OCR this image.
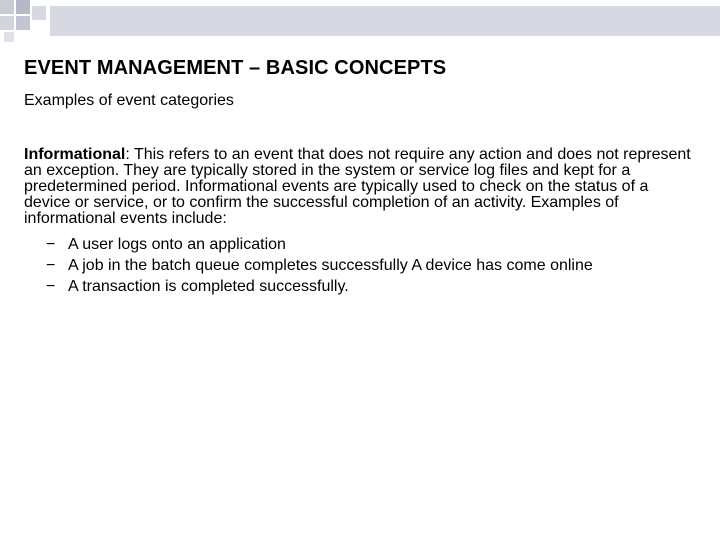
EVENT MANAGEMENT – BASIC CONCEPTS
Examples of event categories
Informational: This refers to an event that does not require any action and does not represent an exception. They are typically stored in the system or service log files and kept for a predetermined period. Informational events are typically used to check on the status of a device or service, or to confirm the successful completion of an activity. Examples of informational events include:
− A user logs onto an application
− A job in the batch queue completes successfully A device has come online
− A transaction is completed successfully.
